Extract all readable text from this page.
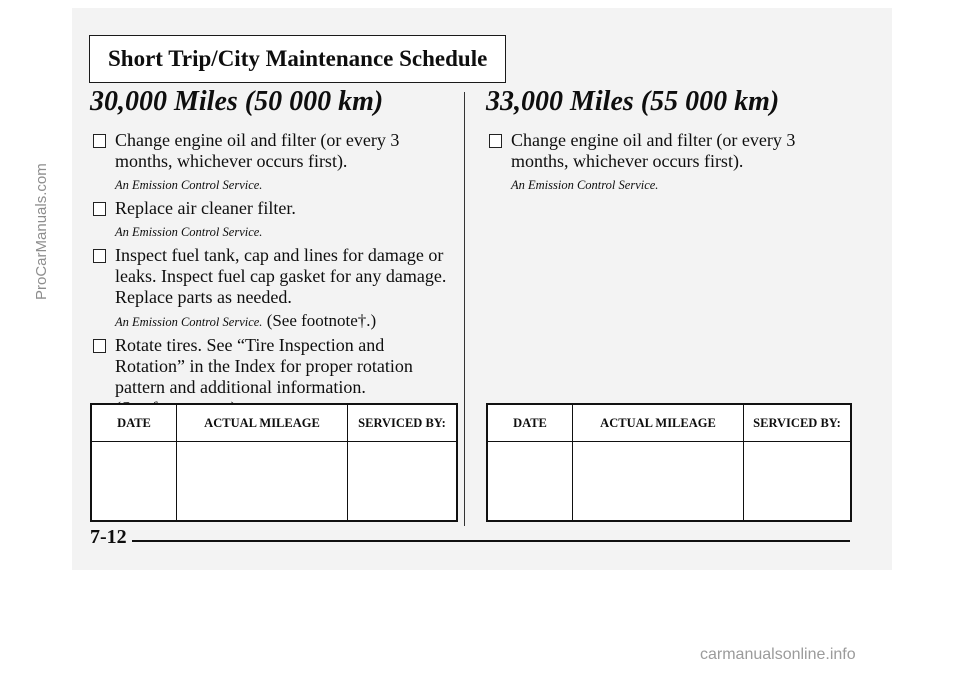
Short Trip/City Maintenance Schedule
30,000 Miles (50 000 km)
Change engine oil and filter (or every 3 months, whichever occurs first).
An Emission Control Service.
Replace air cleaner filter.
An Emission Control Service.
Inspect fuel tank, cap and lines for damage or leaks. Inspect fuel cap gasket for any damage. Replace parts as needed.
An Emission Control Service. (See footnote†.)
Rotate tires. See “Tire Inspection and Rotation” in the Index for proper rotation pattern and additional information.
33,000 Miles (55 000 km)
Change engine oil and filter (or every 3 months, whichever occurs first).
An Emission Control Service.
DATE	ACTUAL MILEAGE	SERVICED BY:
			DATE	ACTUAL MILEAGE	SERVICED BY:

7-12
ProCarManuals.com
carmanualsonline.info
